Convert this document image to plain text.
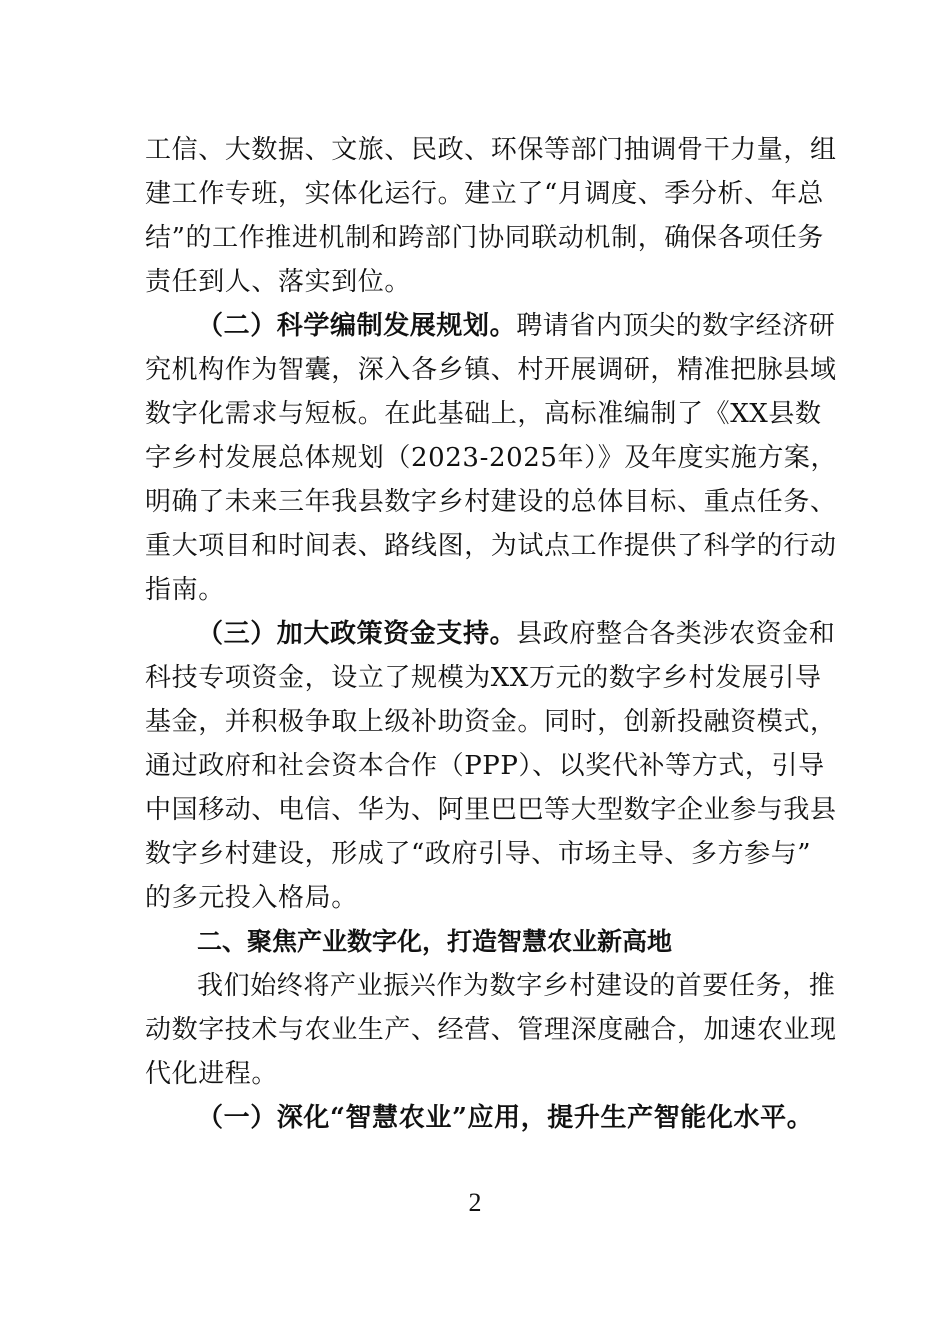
工信、大数据、文旅、民政、环保等部门抽调骨干力量，组
建工作专班，实体化运行。建立了“月调度、季分析、年总
结”的工作推进机制和跨部门协同联动机制，确保各项任务
责任到人、落实到位。
（二）科学编制发展规划。聘请省内顶尖的数字经济研
究机构作为智囊，深入各乡镇、村开展调研，精准把脉县域
数字化需求与短板。在此基础上，高标准编制了《XX县数
字乡村发展总体规划（2023-2025年）》及年度实施方案，
明确了未来三年我县数字乡村建设的总体目标、重点任务、
重大项目和时间表、路线图，为试点工作提供了科学的行动
指南。
（三）加大政策资金支持。县政府整合各类涉农资金和
科技专项资金，设立了规模为XX万元的数字乡村发展引导
基金，并积极争取上级补助资金。同时，创新投融资模式，
通过政府和社会资本合作（PPP）、以奖代补等方式，引导
中国移动、电信、华为、阿里巴巴等大型数字企业参与我县
数字乡村建设，形成了“政府引导、市场主导、多方参与”
的多元投入格局。
二、聚焦产业数字化，打造智慧农业新高地
我们始终将产业振兴作为数字乡村建设的首要任务，推
动数字技术与农业生产、经营、管理深度融合，加速农业现
代化进程。
（一）深化“智慧农业”应用，提升生产智能化水平。
2
